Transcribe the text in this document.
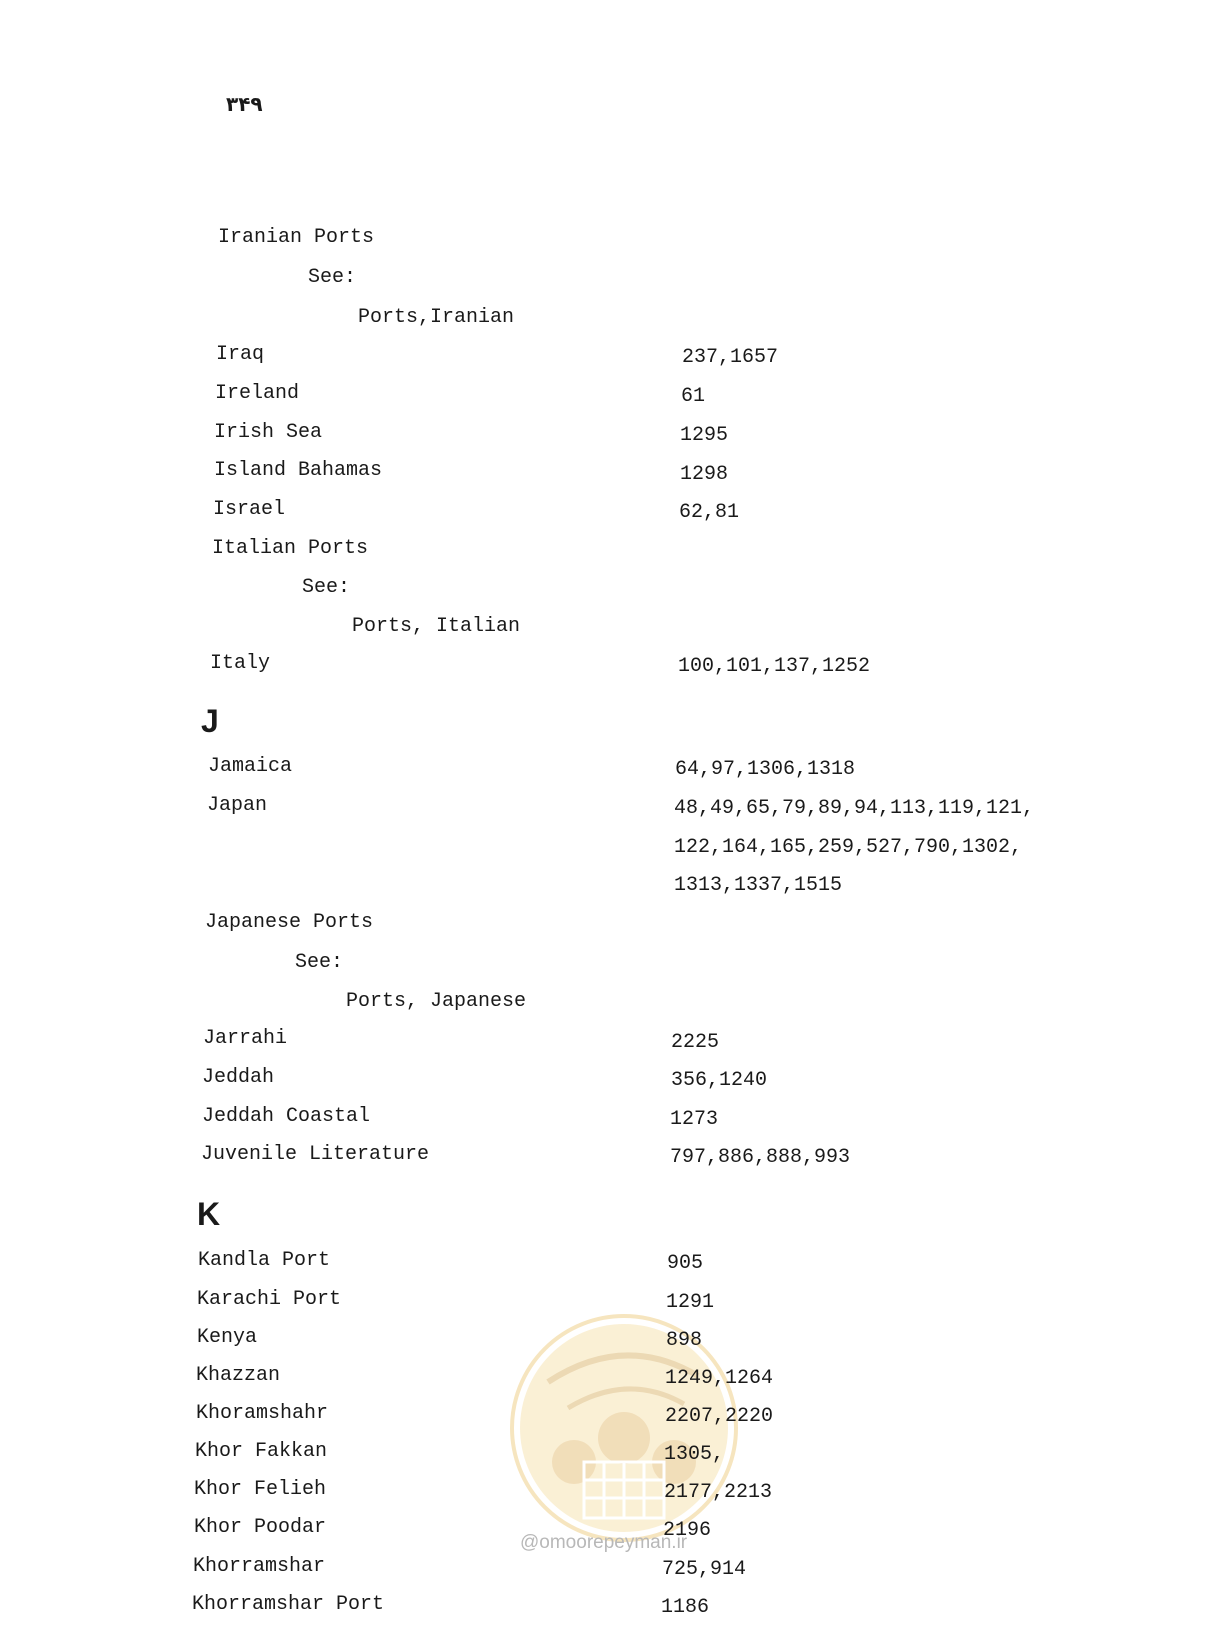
۳۴۹
Iranian Ports
See:
Ports,Iranian
Iraq	237,1657
Ireland	61
Irish Sea	1295
Island Bahamas	1298
Israel	62,81
Italian Ports
See:
Ports, Italian
Italy	100,101,137,1252
J
Jamaica	64,97,1306,1318
Japan	48,49,65,79,89,94,113,119,121,
122,164,165,259,527,790,1302,
1313,1337,1515
Japanese Ports
See:
Ports, Japanese
Jarrahi	2225
Jeddah	356,1240
Jeddah Coastal	1273
Juvenile Literature	797,886,888,993
K
Kandla Port	905
Karachi Port	1291
@omoorepeyman.ir
Kenya	898
Khazzan	1249,1264
Khoramshahr	2207,2220
Khor Fakkan	1305,
Khor Felieh	2177,2213
Khor Poodar	2196
Khorramshar	725,914
Khorramshar Port	1186
